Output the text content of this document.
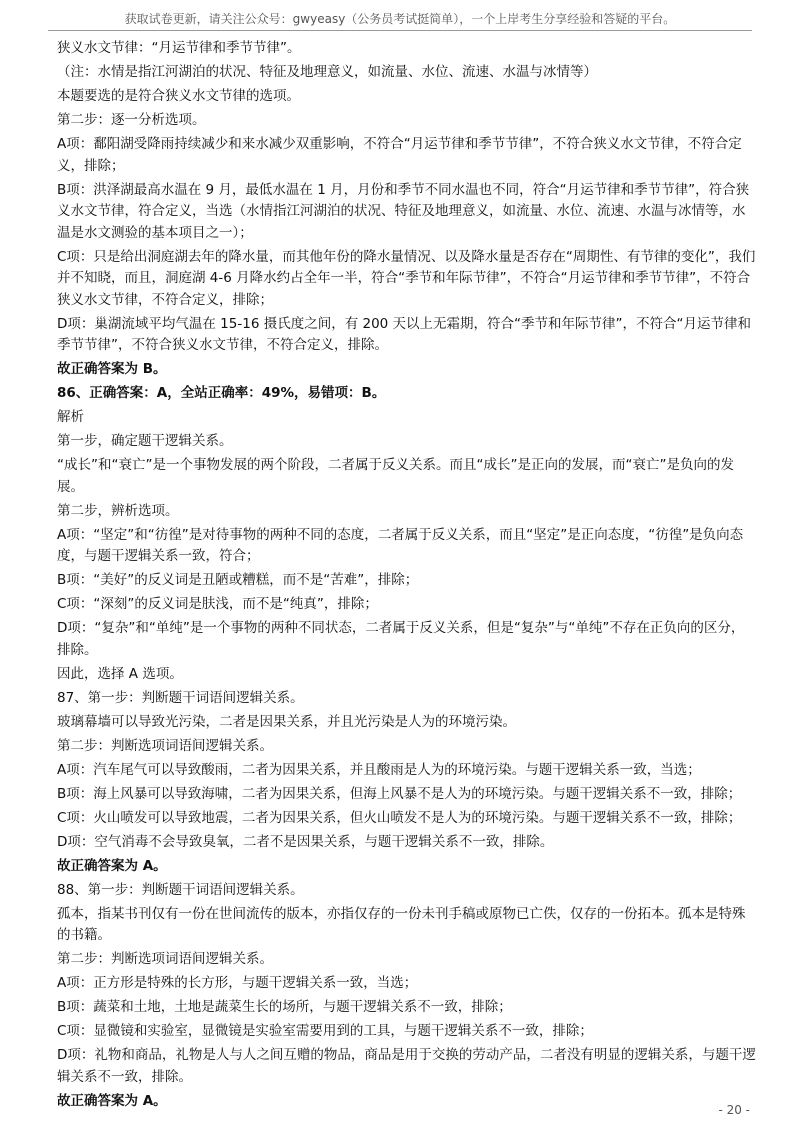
获取试卷更新，请关注公众号：gwyeasy（公务员考试挺简单），一个上岸考生分享经验和答疑的平台。

狭义水文节律：“月运节律和季节节律”。

（注：水情是指江河湖泊的状况、特征及地理意义，如流量、水位、流速、水温与冰情等）

本题要选的是符合狭义水文节律的选项。

第二步：逐一分析选项。

A项：鄱阳湖受降雨持续减少和来水减少双重影响，不符合“月运节律和季节节律”，不符合狭义水文节律，不符合定义，排除；

B项：洪泽湖最高水温在 9 月，最低水温在 1 月，月份和季节不同水温也不同，符合“月运节律和季节节律”，符合狭义水文节律，符合定义，当选（水情指江河湖泊的状况、特征及地理意义，如流量、水位、流速、水温与冰情等，水温是水文测验的基本项目之一）；

C项：只是给出洞庭湖去年的降水量，而其他年份的降水量情况、以及降水量是否存在“周期性、有节律的变化”，我们并不知晓，而且，洞庭湖 4-6 月降水约占全年一半，符合“季节和年际节律”，不符合“月运节律和季节节律”，不符合狭义水文节律，不符合定义，排除；

D项：巢湖流域平均气温在 15-16 摄氏度之间，有 200 天以上无霜期，符合“季节和年际节律”，不符合“月运节律和季节节律”，不符合狭义水文节律，不符合定义，排除。

故正确答案为 B。

86、正确答案：A，全站正确率：49%，易错项：B。

解析

第一步，确定题干逻辑关系。

“成长”和“衰亡”是一个事物发展的两个阶段，二者属于反义关系。而且“成长”是正向的发展，而“衰亡”是负向的发展。

第二步，辨析选项。

A项：“坚定”和“彷徨”是对待事物的两种不同的态度，二者属于反义关系，而且“坚定”是正向态度，“彷徨”是负向态度，与题干逻辑关系一致，符合；

B项：“美好”的反义词是丑陋或糟糕，而不是“苦难”，排除；

C项：“深刻”的反义词是肤浅，而不是“纯真”，排除；

D项：“复杂”和“单纯”是一个事物的两种不同状态，二者属于反义关系，但是“复杂”与“单纯”不存在正负向的区分，排除。

因此，选择 A 选项。

87、第一步：判断题干词语间逻辑关系。

玻璃幕墙可以导致光污染，二者是因果关系，并且光污染是人为的环境污染。

第二步：判断选项词语间逻辑关系。

A项：汽车尾气可以导致酸雨，二者为因果关系，并且酸雨是人为的环境污染。与题干逻辑关系一致，当选；

B项：海上风暴可以导致海啸，二者为因果关系，但海上风暴不是人为的环境污染。与题干逻辑关系不一致，排除；

C项：火山喷发可以导致地震，二者为因果关系，但火山喷发不是人为的环境污染。与题干逻辑关系不一致，排除；

D项：空气消毒不会导致臭氧，二者不是因果关系，与题干逻辑关系不一致，排除。

故正确答案为 A。

88、第一步：判断题干词语间逻辑关系。

孤本，指某书刊仅有一份在世间流传的版本，亦指仅存的一份未刊手稿或原物已亡佚，仅存的一份拓本。孤本是特殊的书籍。

第二步：判断选项词语间逻辑关系。

A项：正方形是特殊的长方形，与题干逻辑关系一致，当选；

B项：蔬菜和土地，土地是蔬菜生长的场所，与题干逻辑关系不一致，排除；

C项：显微镜和实验室，显微镜是实验室需要用到的工具，与题干逻辑关系不一致，排除；

D项：礼物和商品，礼物是人与人之间互赠的物品，商品是用于交换的劳动产品，二者没有明显的逻辑关系，与题干逻辑关系不一致，排除。

故正确答案为 A。

- 20 -
